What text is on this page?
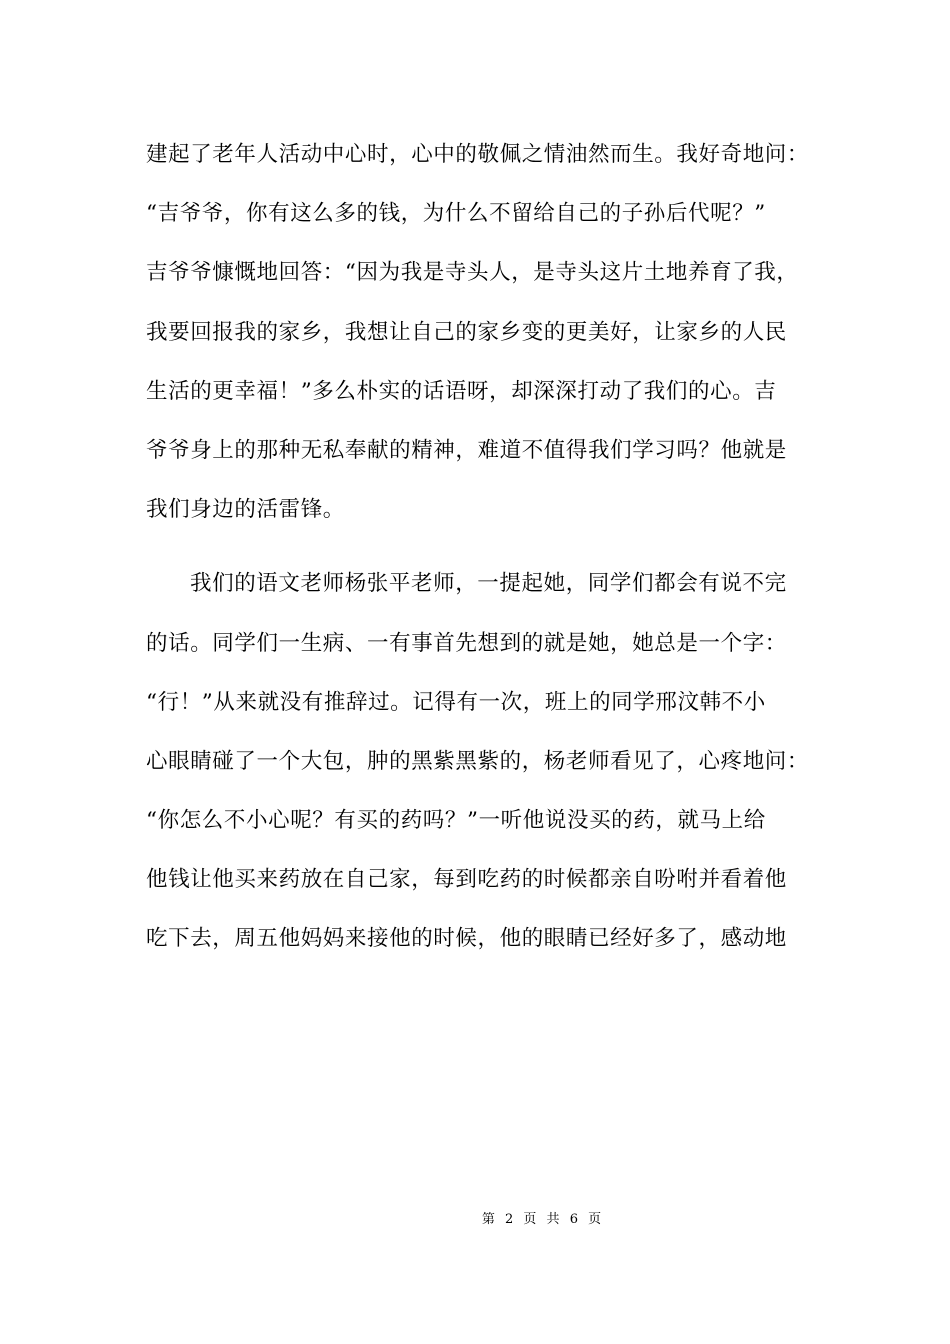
建起了老年人活动中心时，心中的敬佩之情油然而生。我好奇地问：
“吉爷爷，你有这么多的钱，为什么不留给自己的子孙后代呢？”
吉爷爷慷慨地回答：“因为我是寺头人，是寺头这片土地养育了我，
我要回报我的家乡，我想让自己的家乡变的更美好，让家乡的人民
生活的更幸福！”多么朴实的话语呀，却深深打动了我们的心。吉
爷爷身上的那种无私奉献的精神，难道不值得我们学习吗？他就是
我们身边的活雷锋。
我们的语文老师杨张平老师，一提起她，同学们都会有说不完
的话。同学们一生病、一有事首先想到的就是她，她总是一个字：
“行！”从来就没有推辞过。记得有一次，班上的同学邢汶韩不小
心眼睛碰了一个大包，肿的黑紫黑紫的，杨老师看见了，心疼地问：
“你怎么不小心呢？有买的药吗？”一听他说没买的药，就马上给
他钱让他买来药放在自己家，每到吃药的时候都亲自吩咐并看着他
吃下去，周五他妈妈来接他的时候，他的眼睛已经好多了，感动地
第 2 页 共 6 页
